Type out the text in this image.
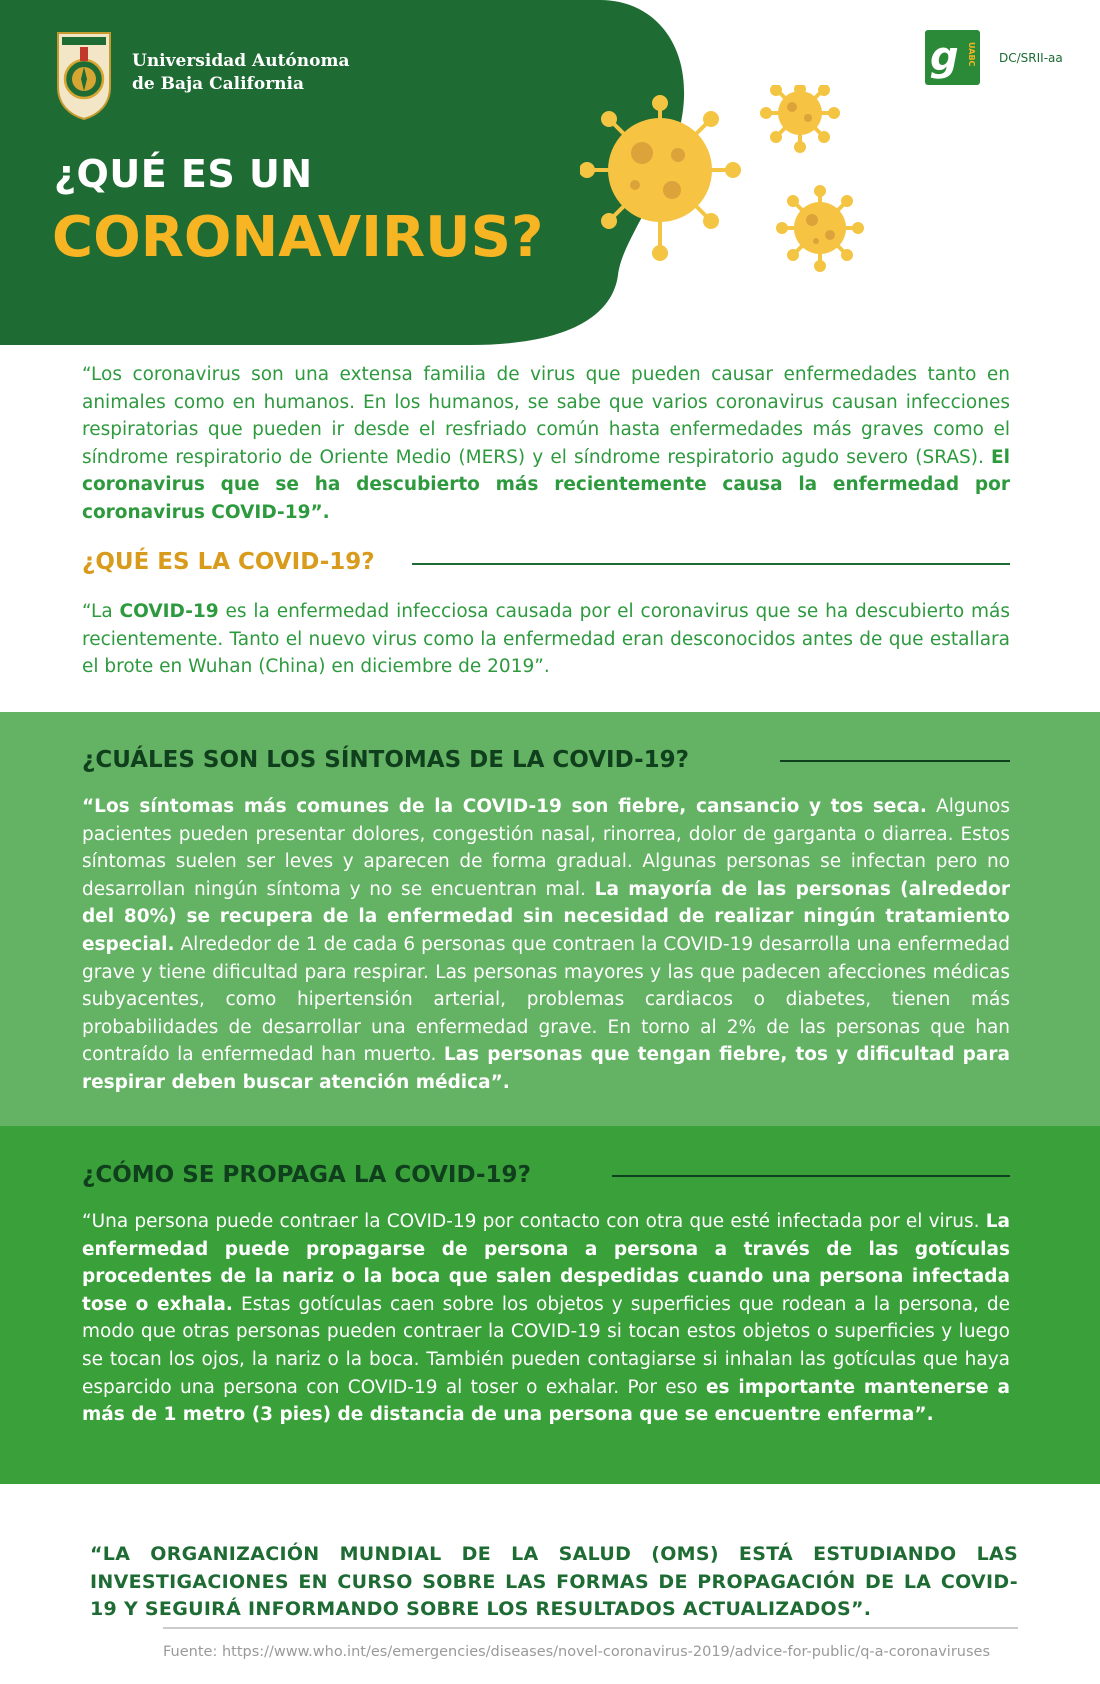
Universidad Autónoma
de Baja California
¿QUÉ ES UN
CORONAVIRUS?
g UABC DC/SRII-aa
“Los coronavirus son una extensa familia de virus que pueden causar enfermedades tanto en animales como en humanos. En los humanos, se sabe que varios coronavirus causan infecciones respiratorias que pueden ir desde el resfriado común hasta enfermedades más graves como el síndrome respiratorio de Oriente Medio (MERS) y el síndrome respiratorio agudo severo (SRAS). El coronavirus que se ha descubierto más recientemente causa la enfermedad por coronavirus COVID-19”.
¿QUÉ ES LA COVID-19?
“La COVID-19 es la enfermedad infecciosa causada por el coronavirus que se ha descubierto más recientemente. Tanto el nuevo virus como la enfermedad eran desconocidos antes de que estallara el brote en Wuhan (China) en diciembre de 2019”.
¿CUÁLES SON LOS SÍNTOMAS DE LA COVID-19?
“Los síntomas más comunes de la COVID-19 son fiebre, cansancio y tos seca. Algunos pacientes pueden presentar dolores, congestión nasal, rinorrea, dolor de garganta o diarrea. Estos síntomas suelen ser leves y aparecen de forma gradual. Algunas personas se infectan pero no desarrollan ningún síntoma y no se encuentran mal. La mayoría de las personas (alrededor del 80%) se recupera de la enfermedad sin necesidad de realizar ningún tratamiento especial. Alrededor de 1 de cada 6 personas que contraen la COVID-19 desarrolla una enfermedad grave y tiene dificultad para respirar. Las personas mayores y las que padecen afecciones médicas subyacentes, como hipertensión arterial, problemas cardiacos o diabetes, tienen más probabilidades de desarrollar una enfermedad grave. En torno al 2% de las personas que han contraído la enfermedad han muerto. Las personas que tengan fiebre, tos y dificultad para respirar deben buscar atención médica”.
¿CÓMO SE PROPAGA LA COVID-19?
“Una persona puede contraer la COVID-19 por contacto con otra que esté infectada por el virus. La enfermedad puede propagarse de persona a persona a través de las gotículas procedentes de la nariz o la boca que salen despedidas cuando una persona infectada tose o exhala. Estas gotículas caen sobre los objetos y superficies que rodean a la persona, de modo que otras personas pueden contraer la COVID-19 si tocan estos objetos o superficies y luego se tocan los ojos, la nariz o la boca. También pueden contagiarse si inhalan las gotículas que haya esparcido una persona con COVID-19 al toser o exhalar. Por eso es importante mantenerse a más de 1 metro (3 pies) de distancia de una persona que se encuentre enferma”.
“LA ORGANIZACIÓN MUNDIAL DE LA SALUD (OMS) ESTÁ ESTUDIANDO LAS INVESTIGACIONES EN CURSO SOBRE LAS FORMAS DE PROPAGACIÓN DE LA COVID-19 Y SEGUIRÁ INFORMANDO SOBRE LOS RESULTADOS ACTUALIZADOS”.
Fuente: https://www.who.int/es/emergencies/diseases/novel-coronavirus-2019/advice-for-public/q-a-coronaviruses
